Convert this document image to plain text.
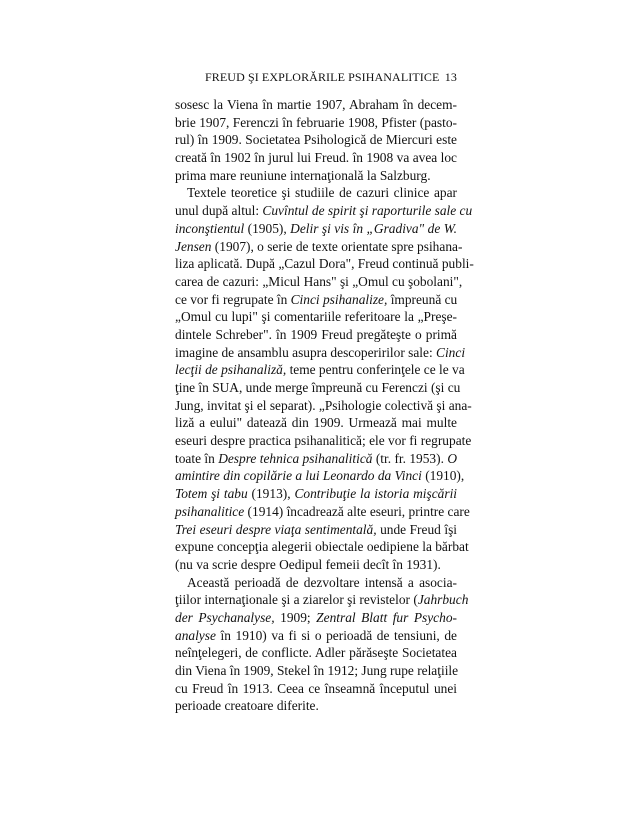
FREUD ŞI EXPLORĂRILE PSIHANALITICE 13
sosesc la Viena în martie 1907, Abraham în decem-
brie 1907, Ferenczi în februarie 1908, Pfister (pasto-
rul) în 1909. Societatea Psihologică de Miercuri este
creată în 1902 în jurul lui Freud. în 1908 va avea loc
prima mare reuniune internaţională la Salzburg.
Textele teoretice şi studiile de cazuri clinice apar
unul după altul: Cuvîntul de spirit şi raporturile sale cu
inconştientul (1905), Delir şi vis în „Gradiva" de W.
Jensen (1907), o serie de texte orientate spre psihana-
liza aplicată. După „Cazul Dora", Freud continuă publi-
carea de cazuri: „Micul Hans" şi „Omul cu şobolani",
ce vor fi regrupate în Cinci psihanalize, împreună cu
„Omul cu lupi" şi comentariile referitoare la „Preşe-
dintele Schreber". în 1909 Freud pregăteşte o primă
imagine de ansamblu asupra descoperirilor sale: Cinci
lecţii de psihanaliză, teme pentru conferinţele ce le va
ţine în SUA, unde merge împreună cu Ferenczi (şi cu
Jung, invitat şi el separat). „Psihologie colectivă şi ana-
liză a eului" datează din 1909. Urmează mai multe
eseuri despre practica psihanalitică; ele vor fi regrupate
toate în Despre tehnica psihanalitică (tr. fr. 1953). O
amintire din copilărie a lui Leonardo da Vinci (1910),
Totem şi tabu (1913), Contribuţie la istoria mişcării
psihanalitice (1914) încadrează alte eseuri, printre care
Trei eseuri despre viaţa sentimentală, unde Freud îşi
expune concepţia alegerii obiectale oedipiene la bărbat
(nu va scrie despre Oedipul femeii decît în 1931).
Această perioadă de dezvoltare intensă a asocia-
ţiilor internaţionale şi a ziarelor şi revistelor (Jahrbuch
der Psychanalyse, 1909; Zentral Blatt fur Psycho-
analyse în 1910) va fi si o perioadă de tensiuni, de
neînţelegeri, de conflicte. Adler părăseşte Societatea
din Viena în 1909, Stekel în 1912; Jung rupe relaţiile
cu Freud în 1913. Ceea ce înseamnă începutul unei
perioade creatoare diferite.
